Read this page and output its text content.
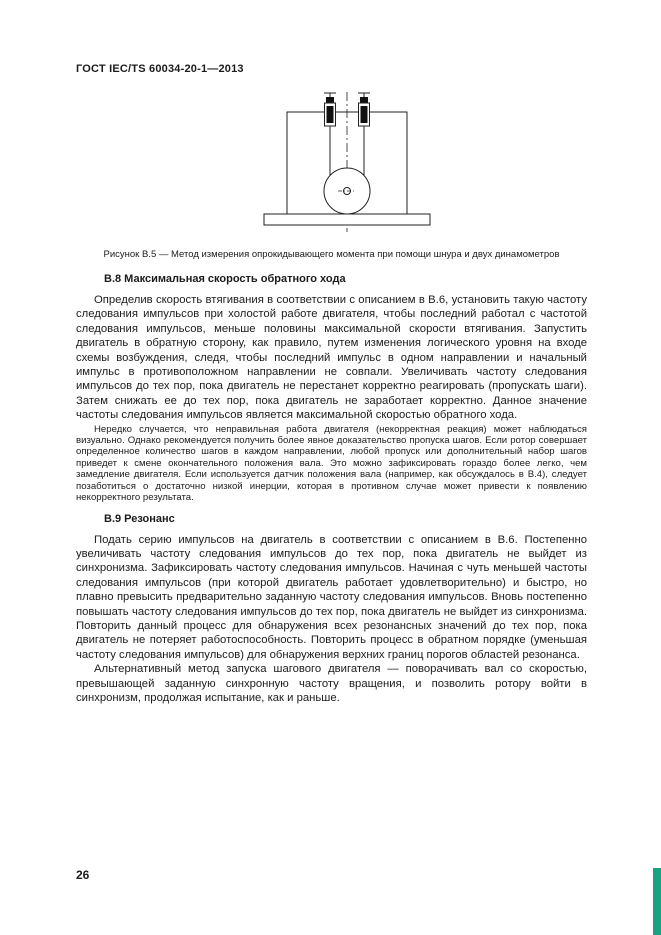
ГОСТ IEC/TS 60034-20-1—2013
Рисунок B.5 — Метод измерения опрокидывающего момента при помощи шнура и двух динамометров
B.8 Максимальная скорость обратного хода

Определив скорость втягивания в соответствии с описанием в B.6, установить такую частоту следования импульсов при холостой работе двигателя, чтобы последний работал с частотой следования импульсов, меньше половины максимальной скорости втягивания. Запустить двигатель в обратную сторону, как правило, путем изменения логического уровня на входе схемы возбуждения, следя, чтобы последний импульс в одном направлении и начальный импульс в противоположном направлении не совпали. Увеличивать частоту следования импульсов до тех пор, пока двигатель не перестанет корректно реагировать (пропускать шаги). Затем снижать ее до тех пор, пока двигатель не заработает корректно. Данное значение частоты следования импульсов является максимальной скоростью обратного хода.

Нередко случается, что неправильная работа двигателя (некорректная реакция) может наблюдаться визуально. Однако рекомендуется получить более явное доказательство пропуска шагов. Если ротор совершает определенное количество шагов в каждом направлении, любой пропуск или дополнительный набор шагов приведет к смене окончательного положения вала. Это можно зафиксировать гораздо более легко, чем замедление двигателя. Если используется датчик положения вала (например, как обсуждалось в B.4), следует позаботиться о достаточно низкой инерции, которая в противном случае может привести к появлению некорректного результата.

B.9 Резонанс

Подать серию импульсов на двигатель в соответствии с описанием в B.6. Постепенно увеличивать частоту следования импульсов до тех пор, пока двигатель не выйдет из синхронизма. Зафиксировать частоту следования импульсов. Начиная с чуть меньшей частоты следования импульсов (при которой двигатель работает удовлетворительно) и быстро, но плавно превысить предварительно заданную частоту следования импульсов. Вновь постепенно повышать частоту следования импульсов до тех пор, пока двигатель не выйдет из синхронизма. Повторить данный процесс для обнаружения всех резонансных значений до тех пор, пока двигатель не потеряет работоспособность. Повторить процесс в обратном порядке (уменьшая частоту следования импульсов) для обнаружения верхних границ порогов областей резонанса.

Альтернативный метод запуска шагового двигателя — поворачивать вал со скоростью, превышающей заданную синхронную частоту вращения, и позволить ротору войти в синхронизм, продолжая испытание, как и раньше.

26
